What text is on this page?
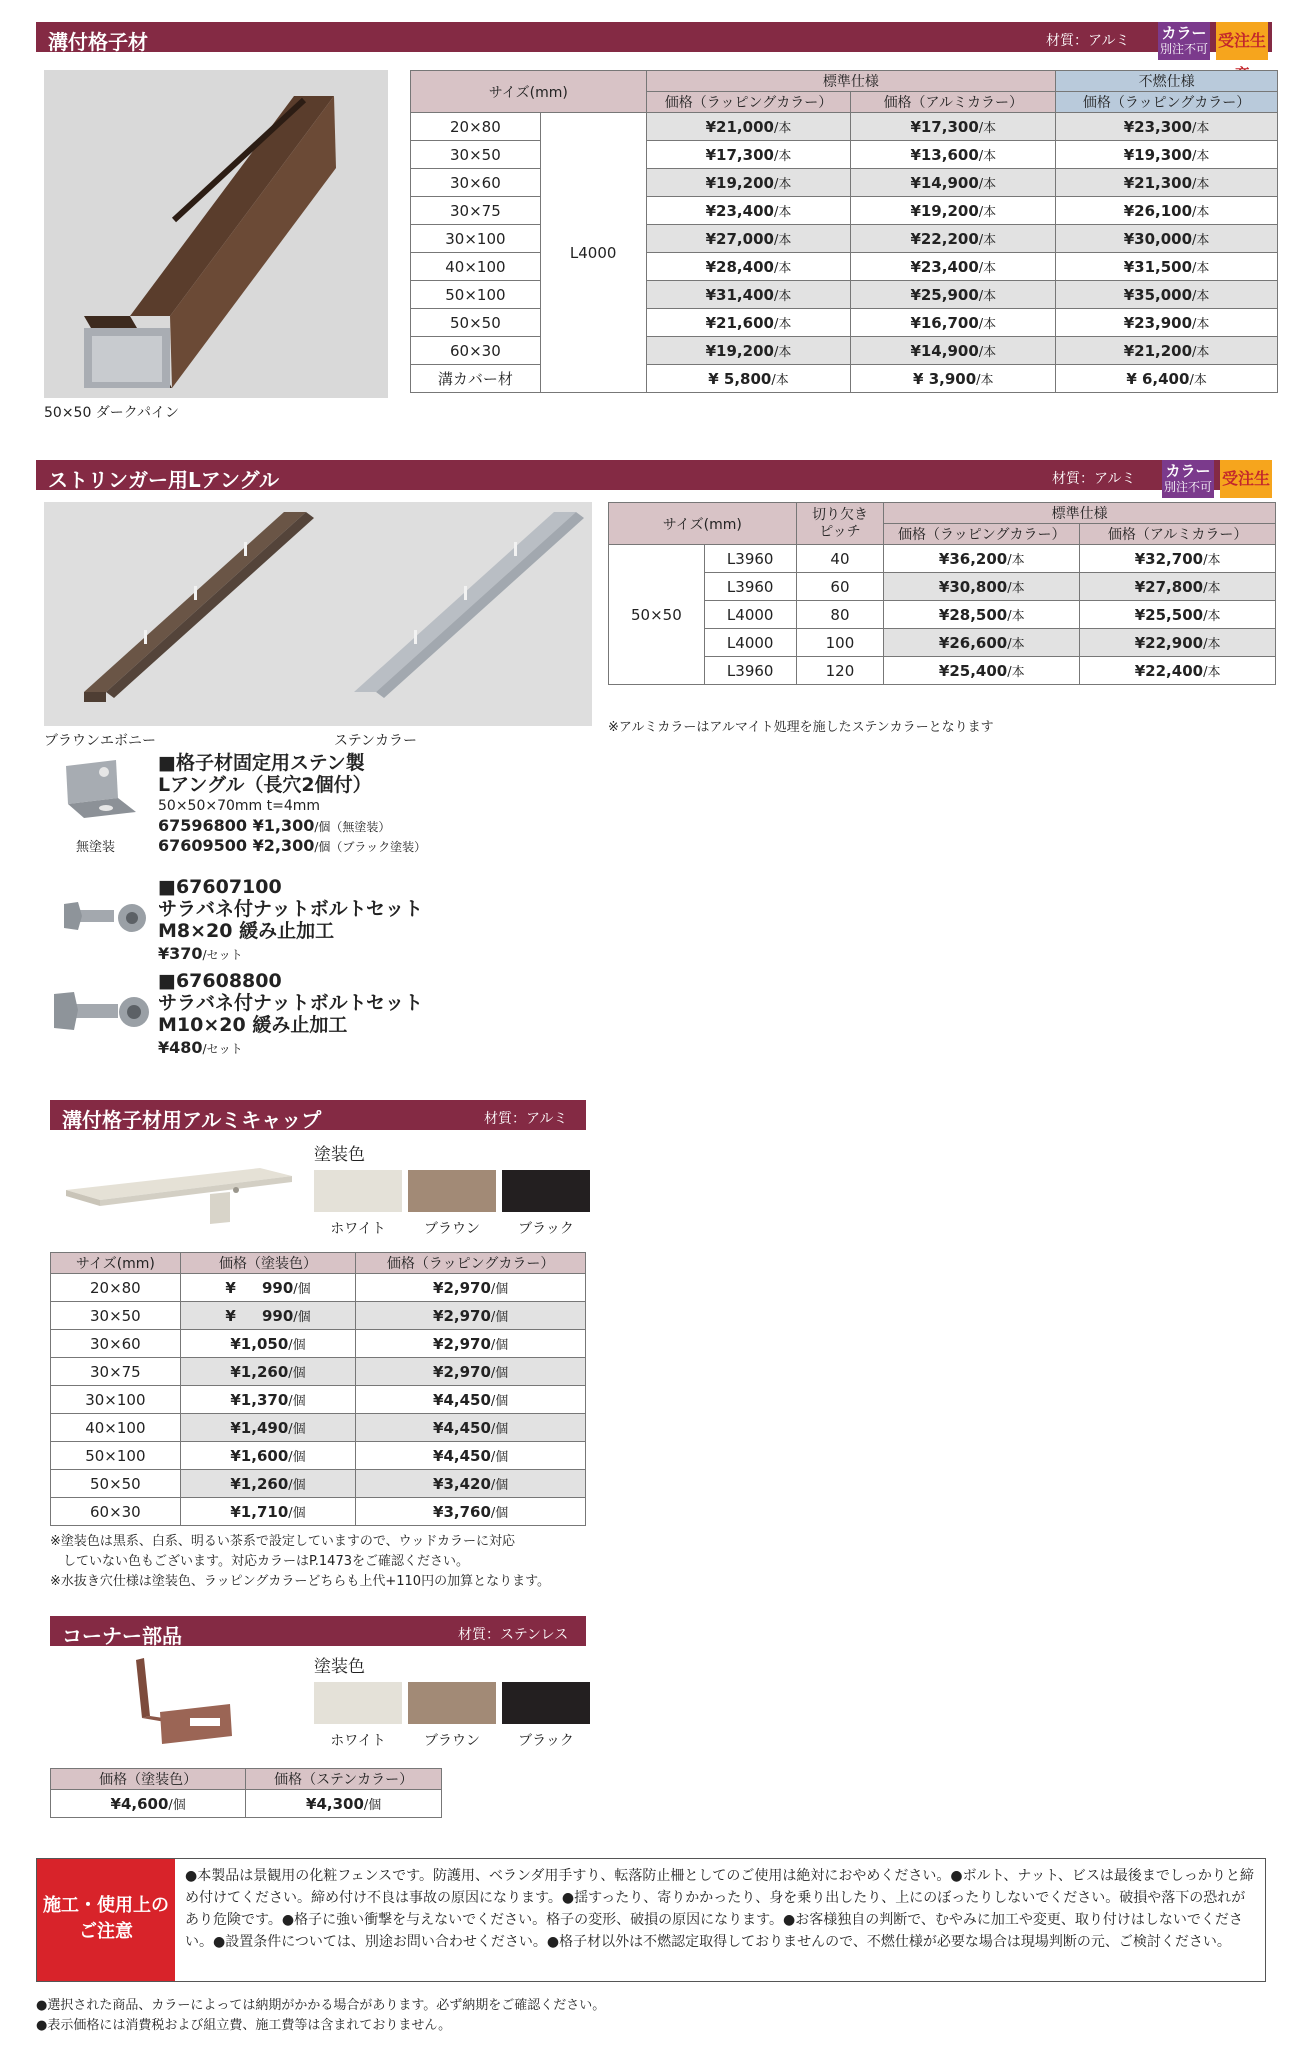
溝付格子材	材質：アルミ カラー
別注不可 受注生
50×50 ダークパイン
サイズ(mm)		標準仕様		不燃仕様
		価格（ラッピングカラー）	価格（アルミカラー）	価格（ラッピングカラー）
20×80	L4000	¥21,000/本	¥17,300/本	¥23,300/本
30×50		¥17,300/本	¥13,600/本	¥19,300/本
30×60		¥19,200/本	¥14,900/本	¥21,300/本
30×75		¥23,400/本	¥19,200/本	¥26,100/本
30×100		¥27,000/本	¥22,200/本	¥30,000/本
40×100		¥28,400/本	¥23,400/本	¥31,500/本
50×100		¥31,400/本	¥25,900/本	¥35,000/本
50×50		¥21,600/本	¥16,700/本	¥23,900/本
60×30		¥19,200/本	¥14,900/本	¥21,200/本
溝カバー材		¥ 5,800/本	¥ 3,900/本	¥ 6,400/本
ストリンガー用Lアングル	材質：アルミ カラー
別注不可 受注生
ブラウンエボニー	ステンカラー
サイズ(mm)		切り欠き
ピッチ	標準仕様	
			価格（ラッピングカラー）	価格（アルミカラー）
50×50	L3960	40	¥36,200/本	¥32,700/本
	L3960	60	¥30,800/本	¥27,800/本
	L4000	80	¥28,500/本	¥25,500/本
	L4000	100	¥26,600/本	¥22,900/本
	L3960	120	¥25,400/本	¥22,400/本
※アルミカラーはアルマイト処理を施したステンカラーとなります
無塗装
■格子材固定用ステン製
Lアングル（長穴2個付）
50×50×70mm t=4mm
67596800 ¥1,300/個（無塗装）
67609500 ¥2,300/個（ブラック塗装）
■67607100
サラバネ付ナットボルトセット
M8×20 緩み止加工
¥370/セット
■67608800
サラバネ付ナットボルトセット
M10×20 緩み止加工
¥480/セット
溝付格子材用アルミキャップ	材質：アルミ
塗装色
ホワイト	ブラウン	ブラック
サイズ(mm)	価格（塗装色）	価格（ラッピングカラー）
20×80	¥     990/個	¥2,970/個
30×50	¥     990/個	¥2,970/個
30×60	¥1,050/個	¥2,970/個
30×75	¥1,260/個	¥2,970/個
30×100	¥1,370/個	¥4,450/個
40×100	¥1,490/個	¥4,450/個
50×100	¥1,600/個	¥4,450/個
50×50	¥1,260/個	¥3,420/個
60×30	¥1,710/個	¥3,760/個
※塗装色は黒系、白系、明るい茶系で設定していますので、ウッドカラーに対応
　していない色もございます。対応カラーはP.1473をご確認ください。
※水抜き穴仕様は塗装色、ラッピングカラーどちらも上代+110円の加算となります。
コーナー部品	材質：ステンレス
塗装色
ホワイト	ブラウン	ブラック
価格（塗装色）	価格（ステンカラー）
¥4,600/個	¥4,300/個
施工・使用上の
ご注意
●本製品は景観用の化粧フェンスです。防護用、ベランダ用手すり、転落防止柵としてのご使用は絶対におやめください。●ボルト、ナット、ビスは最後までしっかりと締め付けてください。締め付け不良は事故の原因になります。●揺すったり、寄りかかったり、身を乗り出したり、上にのぼったりしないでください。破損や落下の恐れがあり危険です。●格子に強い衝撃を与えないでください。格子の変形、破損の原因になります。●お客様独自の判断で、むやみに加工や変更、取り付けはしないでください。●設置条件については、別途お問い合わせください。●格子材以外は不燃認定取得しておりませんので、不燃仕様が必要な場合は現場判断の元、ご検討ください。
●選択された商品、カラーによっては納期がかかる場合があります。必ず納期をご確認ください。
●表示価格には消費税および組立費、施工費等は含まれておりません。
